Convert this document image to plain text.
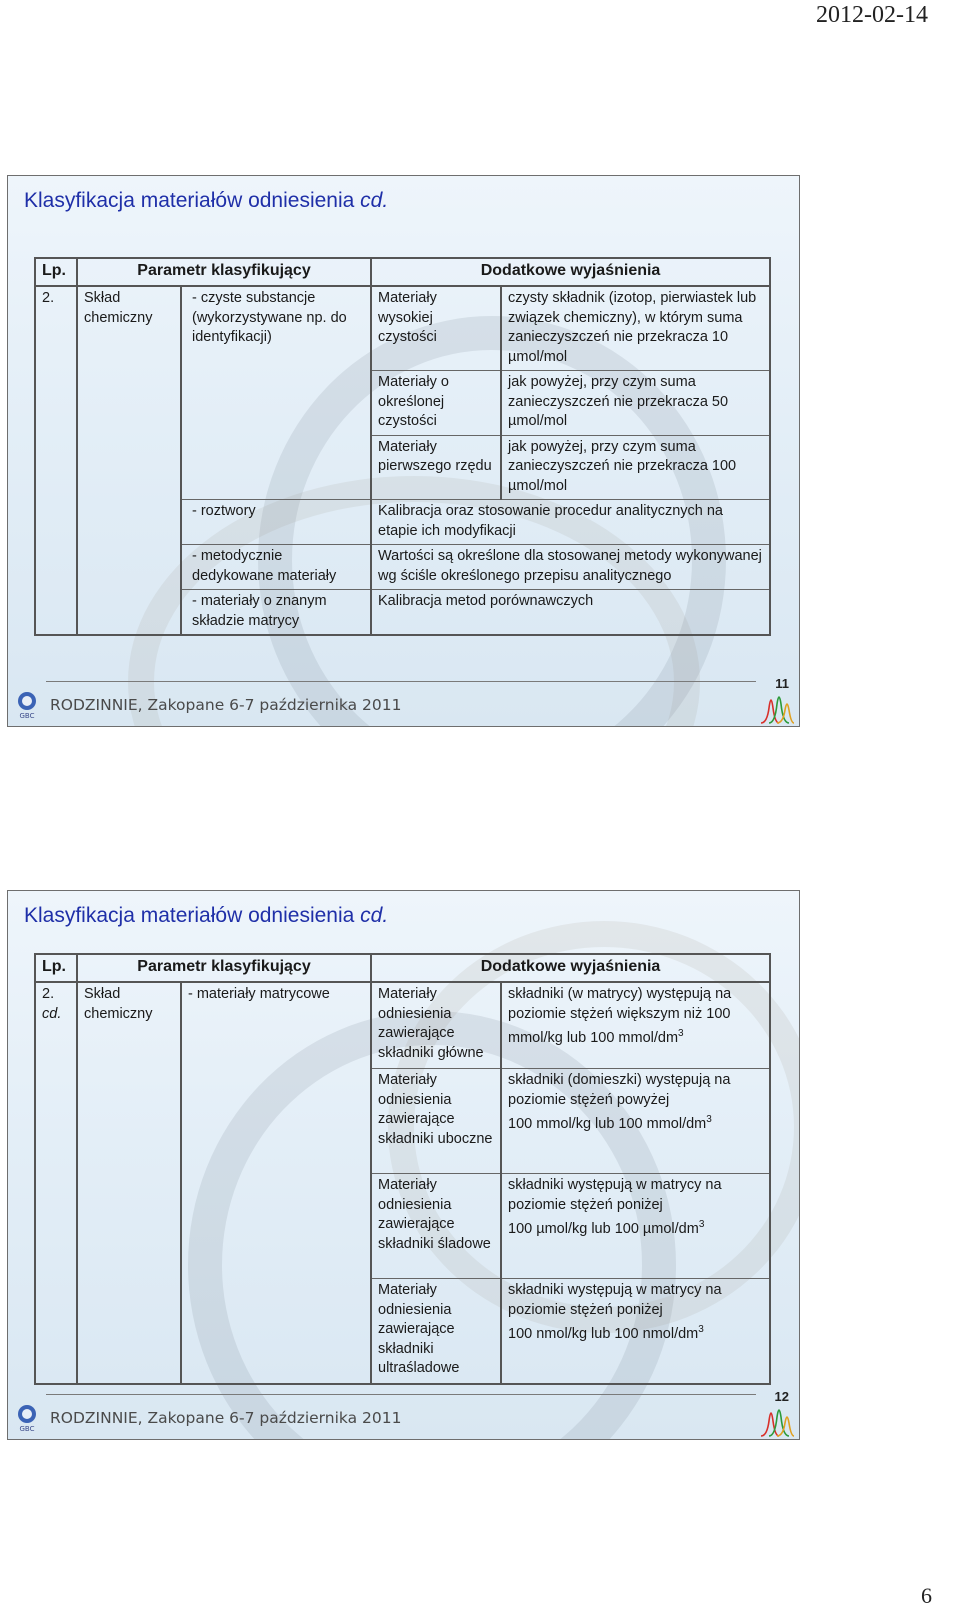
2012-02-14
Klasyfikacja materiałów odniesienia cd.
Lp.	Parametr klasyfikujący		Dodatkowe wyjaśnienia	
2.	Skład chemiczny	- czyste substancje (wykorzystywane np. do identyfikacji)	Materiały wysokiej czystości	czysty składnik (izotop, pierwiastek lub związek chemiczny), w którym suma zanieczyszczeń nie przekracza 10 µmol/mol
			Materiały o określonej czystości	jak powyżej, przy czym suma zanieczyszczeń nie przekracza 50 µmol/mol
			Materiały pierwszego rzędu	jak powyżej, przy czym suma zanieczyszczeń nie przekracza 100 µmol/mol
		- roztwory	Kalibracja oraz stosowanie procedur analitycznych na etapie ich modyfikacji	
		- metodycznie dedykowane materiały	Wartości są określone dla stosowanej metody wykonywanej wg ściśle określonego przepisu analitycznego	
		- materiały o znanym składzie matrycy	Kalibracja metod porównawczych	
GBC
RODZINNIE, Zakopane 6-7 października 2011
11
Klasyfikacja materiałów odniesienia cd.
Lp.	Parametr klasyfikujący		Dodatkowe wyjaśnienia	
2.
cd.	Skład chemiczny	- materiały matrycowe	Materiały odniesienia zawierające składniki główne	składniki (w matrycy) występują na poziomie stężeń większym niż 100 mmol/kg lub 100 mmol/$dm^3$
			Materiały odniesienia zawierające składniki uboczne	składniki (domieszki) występują na poziomie stężeń powyżej
100 mmol/kg lub 100 mmol/$dm^3$
			Materiały odniesienia zawierające składniki śladowe	składniki występują w matrycy na poziomie stężeń poniżej
100 µmol/kg lub 100 µmol/$dm^3$
			Materiały odniesienia zawierające składniki ultraśladowe	składniki występują w matrycy na poziomie stężeń poniżej
100 nmol/kg lub 100 nmol/$dm^3$
GBC
RODZINNIE, Zakopane 6-7 października 2011
12
6
